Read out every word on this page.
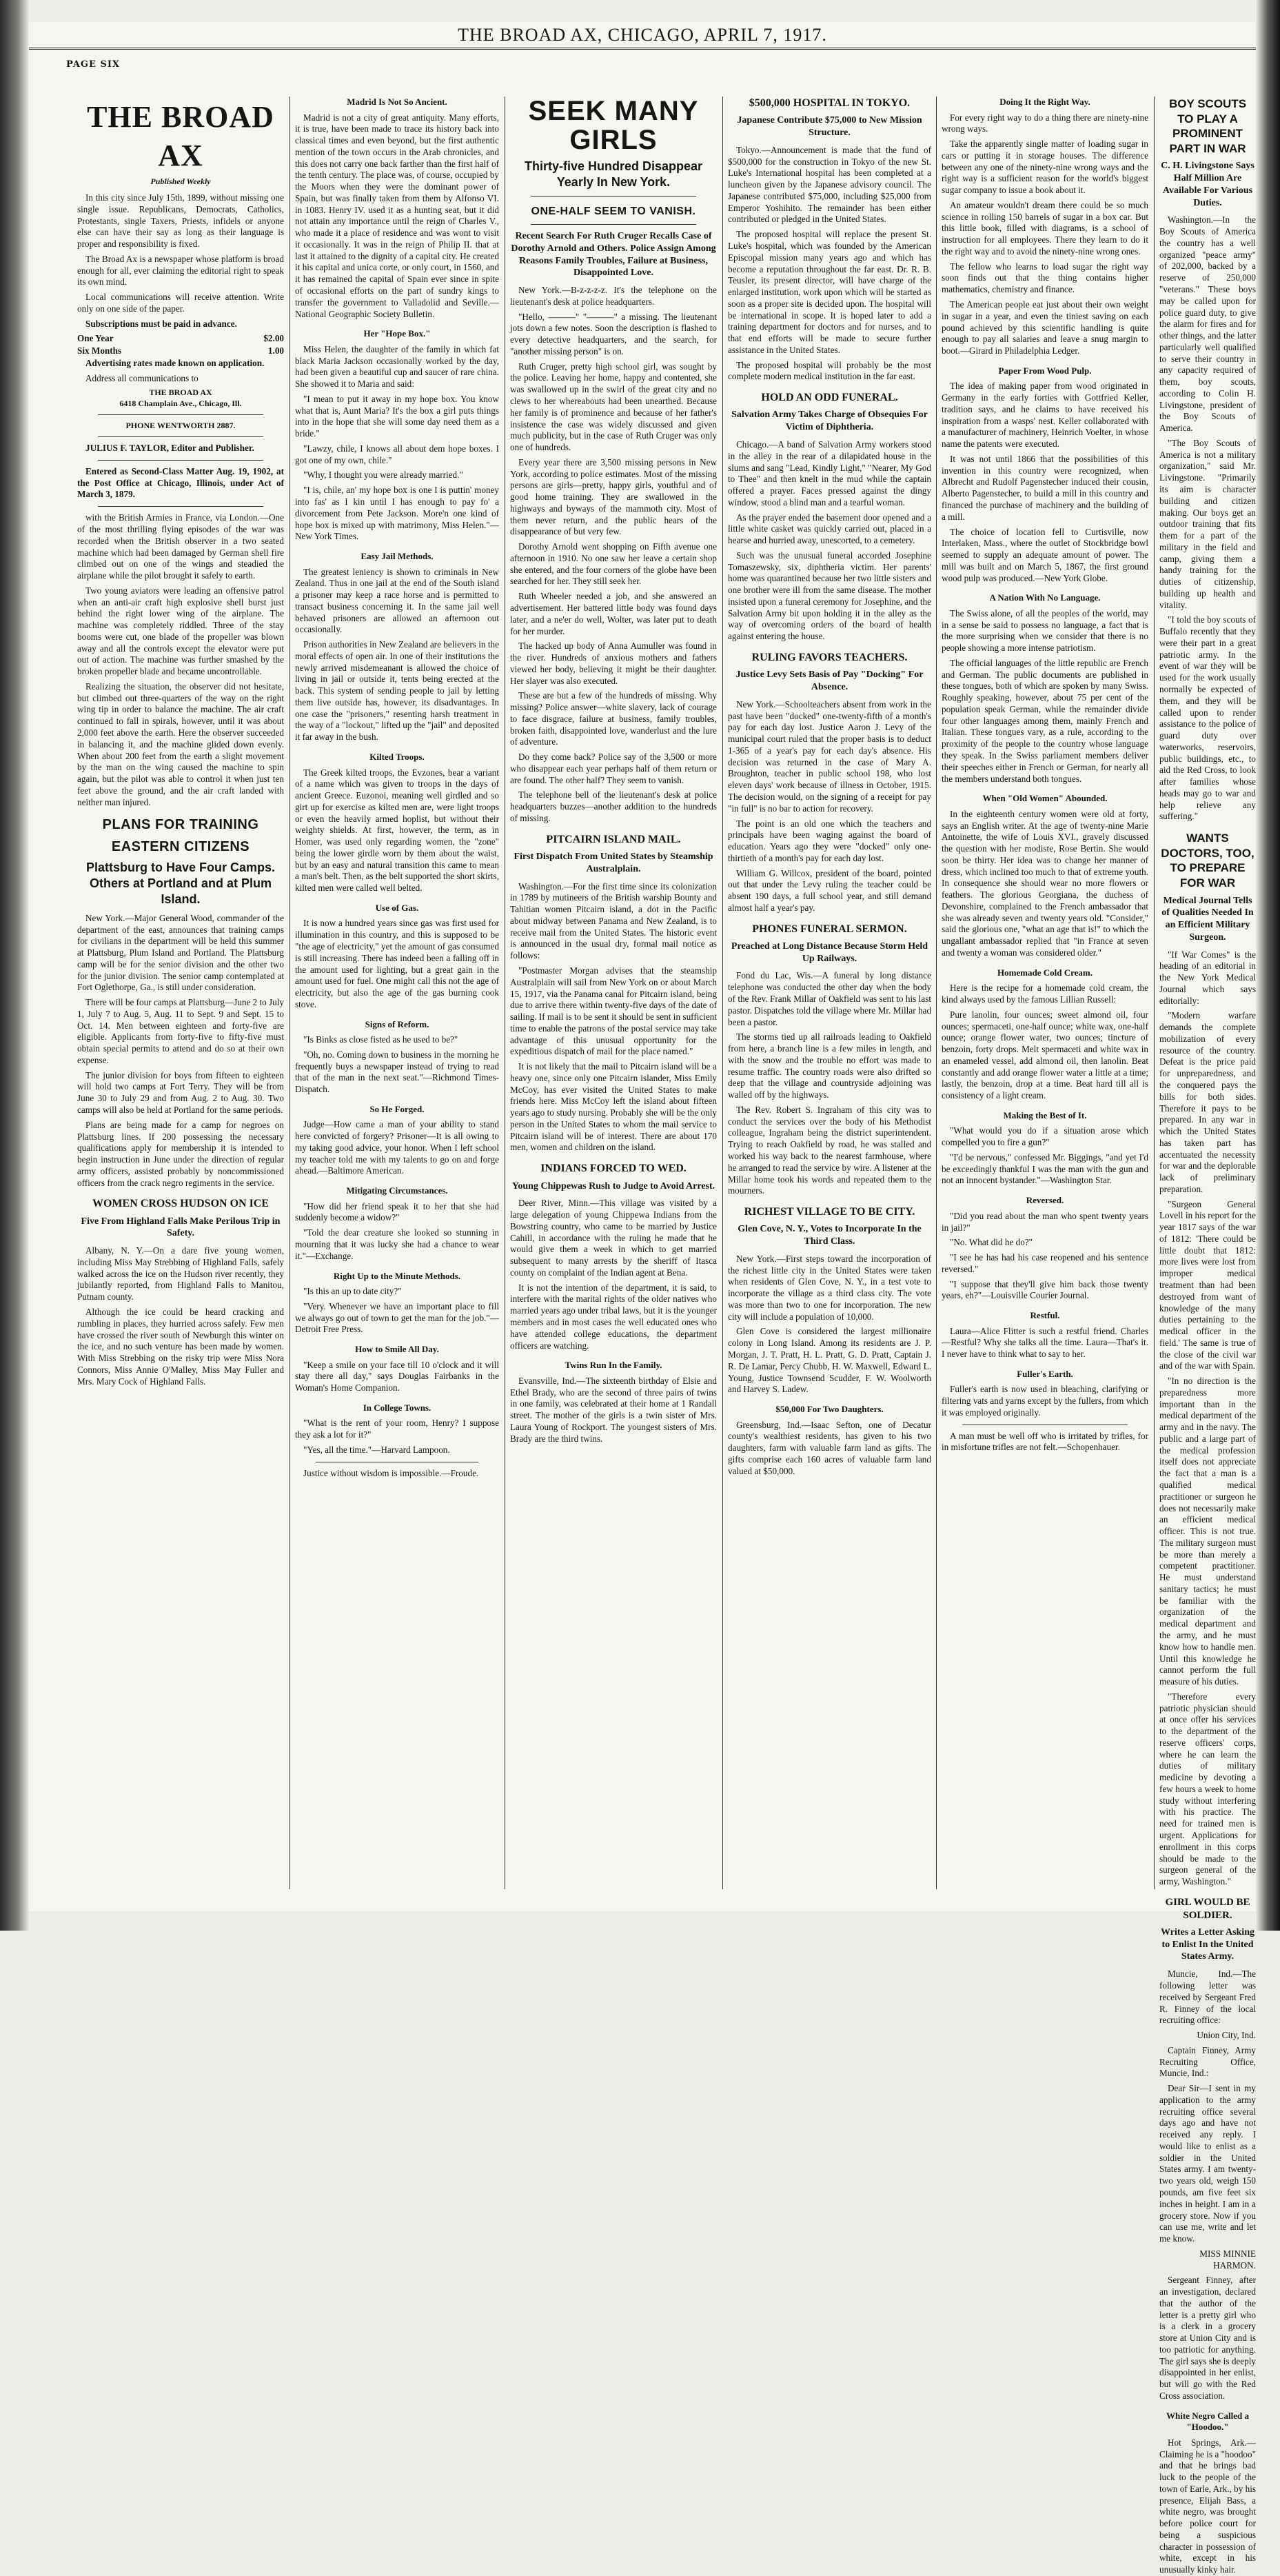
THE BROAD AX, CHICAGO, APRIL 7, 1917.
PAGE SIX
THE BROAD AX
Published Weekly

In this city since July 15th, 1899, without missing one single issue. Republicans, Democrats, Catholics, Protestants, single Taxers, Priests, infidels or anyone else can have their say as long as their language is proper and responsibility is fixed.

The Broad Ax is a newspaper whose platform is broad enough for all, ever claiming the editorial right to speak its own mind.

Local communications will receive attention. Write only on one side of the paper.

Subscriptions must be paid in advance.

One Year	$2.00
Six Months	1.00

Advertising rates made known on application.

Address all communications to

THE BROAD AX
6418 Champlain Ave., Chicago, Ill.
PHONE WENTWORTH 2887.

JULIUS F. TAYLOR, Editor and Publisher.

Entered as Second-Class Matter Aug. 19, 1902, at the Post Office at Chicago, Illinois, under Act of March 3, 1879.

with the British Armies in France, via London.—One of the most thrilling flying episodes of the war was recorded when the British observer in a two seated machine which had been damaged by German shell fire climbed out on one of the wings and steadied the airplane while the pilot brought it safely to earth.

Two young aviators were leading an offensive patrol when an anti-air craft high explosive shell burst just behind the right lower wing of the airplane. The machine was completely riddled. Three of the stay booms were cut, one blade of the propeller was blown away and all the controls except the elevator were put out of action. The machine was further smashed by the broken propeller blade and became uncontrollable.

Realizing the situation, the observer did not hesitate, but climbed out three-quarters of the way on the right wing tip in order to balance the machine. The air craft continued to fall in spirals, however, until it was about 2,000 feet above the earth. Here the observer succeeded in balancing it, and the machine glided down evenly. When about 200 feet from the earth a slight movement by the man on the wing caused the machine to spin again, but the pilot was able to control it when just ten feet above the ground, and the air craft landed with neither man injured.

PLANS FOR TRAINING
EASTERN CITIZENS
Plattsburg to Have Four Camps. Others at Portland and at Plum Island.

New York.—Major General Wood, commander of the department of the east, announces that training camps for civilians in the department will be held this summer at Plattsburg, Plum Island and Portland. The Plattsburg camp will be for the senior division and the other two for the junior division. The senior camp contemplated at Fort Oglethorpe, Ga., is still under consideration.

There will be four camps at Plattsburg—June 2 to July 1, July 7 to Aug. 5, Aug. 11 to Sept. 9 and Sept. 15 to Oct. 14. Men between eighteen and forty-five are eligible. Applicants from forty-five to fifty-five must obtain special permits to attend and do so at their own expense.

The junior division for boys from fifteen to eighteen will hold two camps at Fort Terry. They will be from June 30 to July 29 and from Aug. 2 to Aug. 30. Two camps will also be held at Portland for the same periods.

Plans are being made for a camp for negroes on Plattsburg lines. If 200 possessing the necessary qualifications apply for membership it is intended to begin instruction in June under the direction of regular army officers, assisted probably by noncommissioned officers from the crack negro regiments in the service.

WOMEN CROSS HUDSON ON ICE
Five From Highland Falls Make Perilous Trip in Safety.

Albany, N. Y.—On a dare five young women, including Miss May Strebbing of Highland Falls, safely walked across the ice on the Hudson river recently, they jubilantly reported, from Highland Falls to Manitou, Putnam county.

Although the ice could be heard cracking and rumbling in places, they hurried across safely. Few men have crossed the river south of Newburgh this winter on the ice, and no such venture has been made by women. With Miss Strebbing on the risky trip were Miss Nora Connors, Miss Annie O'Malley, Miss May Fuller and Mrs. Mary Cock of Highland Falls.

Madrid Is Not So Ancient.

Madrid is not a city of great antiquity. Many efforts, it is true, have been made to trace its history back into classical times and even beyond, but the first authentic mention of the town occurs in the Arab chronicles, and this does not carry one back farther than the first half of the tenth century. The place was, of course, occupied by the Moors when they were the dominant power of Spain, but was finally taken from them by Alfonso VI. in 1083. Henry IV. used it as a hunting seat, but it did not attain any importance until the reign of Charles V., who made it a place of residence and was wont to visit it occasionally. It was in the reign of Philip II. that at last it attained to the dignity of a capital city. He created it his capital and unica corte, or only court, in 1560, and it has remained the capital of Spain ever since in spite of occasional efforts on the part of sundry kings to transfer the government to Valladolid and Seville.—National Geographic Society Bulletin.

Her "Hope Box."

Miss Helen, the daughter of the family in which fat black Maria Jackson occasionally worked by the day, had been given a beautiful cup and saucer of rare china. She showed it to Maria and said:

"I mean to put it away in my hope box. You know what that is, Aunt Maria? It's the box a girl puts things into in the hope that she will some day need them as a bride."

"Lawzy, chile, I knows all about dem hope boxes. I got one of my own, chile."

"Why, I thought you were already married."

"I is, chile, an' my hope box is one I is puttin' money into fas' as I kin until I has enough to pay fo' a divorcement from Pete Jackson. More'n one kind of hope box is mixed up with matrimony, Miss Helen."—New York Times.

Easy Jail Methods.

The greatest leniency is shown to criminals in New Zealand. Thus in one jail at the end of the South island a prisoner may keep a race horse and is permitted to transact business concerning it. In the same jail well behaved prisoners are allowed an afternoon out occasionally.

Prison authorities in New Zealand are believers in the moral effects of open air. In one of their institutions the newly arrived misdemeanant is allowed the choice of living in jail or outside it, tents being erected at the back. This system of sending people to jail by letting them live outside has, however, its disadvantages. In one case the "prisoners," resenting harsh treatment in the way of a "lockout," lifted up the "jail" and deposited it far away in the bush.

Kilted Troops.

The Greek kilted troops, the Evzones, bear a variant of a name which was given to troops in the days of ancient Greece. Euzonoi, meaning well girdled and so girt up for exercise as kilted men are, were light troops or even the heavily armed hoplist, but without their weighty shields. At first, however, the term, as in Homer, was used only regarding women, the "zone" being the lower girdle worn by them about the waist, but by an easy and natural transition this came to mean a man's belt. Then, as the belt supported the short skirts, kilted men were called well belted.

Use of Gas.

It is now a hundred years since gas was first used for illumination in this country, and this is supposed to be "the age of electricity," yet the amount of gas consumed is still increasing. There has indeed been a falling off in the amount used for lighting, but a great gain in the amount used for fuel. One might call this not the age of electricity, but also the age of the gas burning cook stove.

Signs of Reform.

"Is Binks as close fisted as he used to be?"

"Oh, no. Coming down to business in the morning he frequently buys a newspaper instead of trying to read that of the man in the next seat."—Richmond Times-Dispatch.

So He Forged.

Judge—How came a man of your ability to stand here convicted of forgery? Prisoner—It is all owing to my taking good advice, your honor. When I left school my teacher told me with my talents to go on and forge ahead.—Baltimore American.

Mitigating Circumstances.

"How did her friend speak it to her that she had suddenly become a widow?"

"Told the dear creature she looked so stunning in mourning that it was lucky she had a chance to wear it."—Exchange.

Right Up to the Minute Methods.

"Is this an up to date city?"

"Very. Whenever we have an important place to fill we always go out of town to get the man for the job."—Detroit Free Press.

How to Smile All Day.

"Keep a smile on your face till 10 o'clock and it will stay there all day," says Douglas Fairbanks in the Woman's Home Companion.

In College Towns.

"What is the rent of your room, Henry? I suppose they ask a lot for it?"

"Yes, all the time."—Harvard Lampoon.

Justice without wisdom is impossible.—Froude.

SEEK MANY GIRLS
Thirty-five Hundred Disappear Yearly In New York.
ONE-HALF SEEM TO VANISH.
Recent Search For Ruth Cruger Recalls Case of Dorothy Arnold and Others. Police Assign Among Reasons Family Troubles, Failure at Business, Disappointed Love.

New York.—B-z-z-z-z. It's the telephone on the lieutenant's desk at police headquarters.

"Hello, ———" "———" a missing. The lieutenant jots down a few notes. Soon the description is flashed to every detective headquarters, and the search, for "another missing person" is on.

Ruth Cruger, pretty high school girl, was sought by the police. Leaving her home, happy and contented, she was swallowed up in the swirl of the great city and no clews to her whereabouts had been unearthed. Because her family is of prominence and because of her father's insistence the case was widely discussed and given much publicity, but in the case of Ruth Cruger was only one of hundreds.

Every year there are 3,500 missing persons in New York, according to police estimates. Most of the missing persons are girls—pretty, happy girls, youthful and of good home training. They are swallowed in the highways and byways of the mammoth city. Most of them never return, and the public hears of the disappearance of but very few.

Dorothy Arnold went shopping on Fifth avenue one afternoon in 1910. No one saw her leave a certain shop she entered, and the four corners of the globe have been searched for her. They still seek her.

Ruth Wheeler needed a job, and she answered an advertisement. Her battered little body was found days later, and a ne'er do well, Wolter, was later put to death for her murder.

The hacked up body of Anna Aumuller was found in the river. Hundreds of anxious mothers and fathers viewed her body, believing it might be their daughter. Her slayer was also executed.

These are but a few of the hundreds of missing. Why missing? Police answer—white slavery, lack of courage to face disgrace, failure at business, family troubles, broken faith, disappointed love, wanderlust and the lure of adventure.

Do they come back? Police say of the 3,500 or more who disappear each year perhaps half of them return or are found. The other half? They seem to vanish.

The telephone bell of the lieutenant's desk at police headquarters buzzes—another addition to the hundreds of missing.

PITCAIRN ISLAND MAIL.
First Dispatch From United States by Steamship Australplain.

Washington.—For the first time since its colonization in 1789 by mutineers of the British warship Bounty and Tahitian women Pitcairn island, a dot in the Pacific about midway between Panama and New Zealand, is to receive mail from the United States. The historic event is announced in the usual dry, formal mail notice as follows:

"Postmaster Morgan advises that the steamship Australplain will sail from New York on or about March 15, 1917, via the Panama canal for Pitcairn island, being due to arrive there within twenty-five days of the date of sailing. If mail is to be sent it should be sent in sufficient time to enable the patrons of the postal service may take advantage of this unusual opportunity for the expeditious dispatch of mail for the place named."

It is not likely that the mail to Pitcairn island will be a heavy one, since only one Pitcairn islander, Miss Emily McCoy, has ever visited the United States to make friends here. Miss McCoy left the island about fifteen years ago to study nursing. Probably she will be the only person in the United States to whom the mail service to Pitcairn island will be of interest. There are about 170 men, women and children on the island.

INDIANS FORCED TO WED.
Young Chippewas Rush to Judge to Avoid Arrest.

Deer River, Minn.—This village was visited by a large delegation of young Chippewa Indians from the Bowstring country, who came to be married by Justice Cahill, in accordance with the ruling he made that he would give them a week in which to get married subsequent to many arrests by the sheriff of Itasca county on complaint of the Indian agent at Bena.

It is not the intention of the department, it is said, to interfere with the marital rights of the older natives who married years ago under tribal laws, but it is the younger members and in most cases the well educated ones who have attended college educations, the department officers are watching.

Twins Run In the Family.

Evansville, Ind.—The sixteenth birthday of Elsie and Ethel Brady, who are the second of three pairs of twins in one family, was celebrated at their home at 1 Randall street. The mother of the girls is a twin sister of Mrs. Laura Young of Rockport. The youngest sisters of Mrs. Brady are the third twins.

$500,000 HOSPITAL IN TOKYO.
Japanese Contribute $75,000 to New Mission Structure.

Tokyo.—Announcement is made that the fund of $500,000 for the construction in Tokyo of the new St. Luke's International hospital has been completed at a luncheon given by the Japanese advisory council. The Japanese contributed $75,000, including $25,000 from Emperor Yoshihito. The remainder has been either contributed or pledged in the United States.

The proposed hospital will replace the present St. Luke's hospital, which was founded by the American Episcopal mission many years ago and which has become a reputation throughout the far east. Dr. R. B. Teusler, its present director, will have charge of the enlarged institution, work upon which will be started as soon as a proper site is decided upon. The hospital will be international in scope. It is hoped later to add a training department for doctors and for nurses, and to that end efforts will be made to secure further assistance in the United States.

The proposed hospital will probably be the most complete modern medical institution in the far east.

HOLD AN ODD FUNERAL.
Salvation Army Takes Charge of Obsequies For Victim of Diphtheria.

Chicago.—A band of Salvation Army workers stood in the alley in the rear of a dilapidated house in the slums and sang "Lead, Kindly Light," "Nearer, My God to Thee" and then knelt in the mud while the captain offered a prayer. Faces pressed against the dingy window, stood a blind man and a tearful woman.

As the prayer ended the basement door opened and a little white casket was quickly carried out, placed in a hearse and hurried away, unescorted, to a cemetery.

Such was the unusual funeral accorded Josephine Tomaszewsky, six, diphtheria victim. Her parents' home was quarantined because her two little sisters and one brother were ill from the same disease. The mother insisted upon a funeral ceremony for Josephine, and the Salvation Army bit upon holding it in the alley as the way of overcoming orders of the board of health against entering the house.

RULING FAVORS TEACHERS.
Justice Levy Sets Basis of Pay "Docking" For Absence.

New York.—Schoolteachers absent from work in the past have been "docked" one-twenty-fifth of a month's pay for each day lost. Justice Aaron J. Levy of the municipal court ruled that the proper basis is to deduct 1-365 of a year's pay for each day's absence. His decision was returned in the case of Mary A. Broughton, teacher in public school 198, who lost eleven days' work because of illness in October, 1915. The decision would, on the signing of a receipt for pay "in full" is no bar to action for recovery.

The point is an old one which the teachers and principals have been waging against the board of education. Years ago they were "docked" only one-thirtieth of a month's pay for each day lost.

William G. Willcox, president of the board, pointed out that under the Levy ruling the teacher could be absent 190 days, a full school year, and still demand almost half a year's pay.

PHONES FUNERAL SERMON.
Preached at Long Distance Because Storm Held Up Railways.

Fond du Lac, Wis.—A funeral by long distance telephone was conducted the other day when the body of the Rev. Frank Millar of Oakfield was sent to his last pastor. Dispatches told the village where Mr. Millar had been a pastor.

The storms tied up all railroads leading to Oakfield from here, a branch line is a few miles in length, and with the snow and the trouble no effort was made to resume traffic. The country roads were also drifted so deep that the village and countryside adjoining was walled off by the highways.

The Rev. Robert S. Ingraham of this city was to conduct the services over the body of his Methodist colleague, Ingraham being the district superintendent. Trying to reach Oakfield by road, he was stalled and worked his way back to the nearest farmhouse, where he arranged to read the service by wire. A listener at the Millar home took his words and repeated them to the mourners.

RICHEST VILLAGE TO BE CITY.
Glen Cove, N. Y., Votes to Incorporate In the Third Class.

New York.—First steps toward the incorporation of the richest little city in the United States were taken when residents of Glen Cove, N. Y., in a test vote to incorporate the village as a third class city. The vote was more than two to one for incorporation. The new city will include a population of 10,000.

Glen Cove is considered the largest millionaire colony in Long Island. Among its residents are J. P. Morgan, J. T. Pratt, H. L. Pratt, G. D. Pratt, Captain J. R. De Lamar, Percy Chubb, H. W. Maxwell, Edward L. Young, Justice Townsend Scudder, F. W. Woolworth and Harvey S. Ladew.

$50,000 For Two Daughters.

Greensburg, Ind.—Isaac Sefton, one of Decatur county's wealthiest residents, has given to his two daughters, farm with valuable farm land as gifts. The gifts comprise each 160 acres of valuable farm land valued at $50,000.

Doing It the Right Way.

For every right way to do a thing there are ninety-nine wrong ways.

Take the apparently single matter of loading sugar in cars or putting it in storage houses. The difference between any one of the ninety-nine wrong ways and the right way is a sufficient reason for the world's biggest sugar company to issue a book about it.

An amateur wouldn't dream there could be so much science in rolling 150 barrels of sugar in a box car. But this little book, filled with diagrams, is a school of instruction for all employees. There they learn to do it the right way and to avoid the ninety-nine wrong ones.

The fellow who learns to load sugar the right way soon finds out that the thing contains higher mathematics, chemistry and finance.

The American people eat just about their own weight in sugar in a year, and even the tiniest saving on each pound achieved by this scientific handling is quite enough to pay all salaries and leave a snug margin to boot.—Girard in Philadelphia Ledger.

Paper From Wood Pulp.

The idea of making paper from wood originated in Germany in the early forties with Gottfried Keller, tradition says, and he claims to have received his inspiration from a wasps' nest. Keller collaborated with a manufacturer of machinery, Heinrich Voelter, in whose name the patents were executed.

It was not until 1866 that the possibilities of this invention in this country were recognized, when Albrecht and Rudolf Pagenstecher induced their cousin, Alberto Pagenstecher, to build a mill in this country and financed the purchase of machinery and the building of a mill.

The choice of location fell to Curtisville, now Interlaken, Mass., where the outlet of Stockbridge bowl seemed to supply an adequate amount of power. The mill was built and on March 5, 1867, the first ground wood pulp was produced.—New York Globe.

A Nation With No Language.

The Swiss alone, of all the peoples of the world, may in a sense be said to possess no language, a fact that is the more surprising when we consider that there is no people showing a more intense patriotism.

The official languages of the little republic are French and German. The public documents are published in these tongues, both of which are spoken by many Swiss. Roughly speaking, however, about 75 per cent of the population speak German, while the remainder divide four other languages among them, mainly French and Italian. These tongues vary, as a rule, according to the proximity of the people to the country whose language they speak. In the Swiss parliament members deliver their speeches either in French or German, for nearly all the members understand both tongues.

When "Old Women" Abounded.

In the eighteenth century women were old at forty, says an English writer. At the age of twenty-nine Marie Antoinette, the wife of Louis XVI., gravely discussed the question with her modiste, Rose Bertin. She would soon be thirty. Her idea was to change her manner of dress, which inclined too much to that of extreme youth. In consequence she should wear no more flowers or feathers. The glorious Georgiana, the duchess of Devonshire, complained to the French ambassador that she was already seven and twenty years old. "Consider," said the glorious one, "what an age that is!" to which the ungallant ambassador replied that "in France at seven and twenty a woman was considered older."

Homemade Cold Cream.

Here is the recipe for a homemade cold cream, the kind always used by the famous Lillian Russell:

Pure lanolin, four ounces; sweet almond oil, four ounces; spermaceti, one-half ounce; white wax, one-half ounce; orange flower water, two ounces; tincture of benzoin, forty drops. Melt spermaceti and white wax in an enameled vessel, add almond oil, then lanolin. Beat constantly and add orange flower water a little at a time; lastly, the benzoin, drop at a time. Beat hard till all is consistency of a light cream.

Making the Best of It.

"What would you do if a situation arose which compelled you to fire a gun?"

"I'd be nervous," confessed Mr. Biggings, "and yet I'd be exceedingly thankful I was the man with the gun and not an innocent bystander."—Washington Star.

Reversed.

"Did you read about the man who spent twenty years in jail?"

"No. What did he do?"

"I see he has had his case reopened and his sentence reversed."

"I suppose that they'll give him back those twenty years, eh?"—Louisville Courier Journal.

Restful.

Laura—Alice Flitter is such a restful friend. Charles—Restful? Why she talks all the time. Laura—That's it. I never have to think what to say to her.

Fuller's Earth.

Fuller's earth is now used in bleaching, clarifying or filtering vats and yarns except by the fullers, from which it was employed originally.

A man must be well off who is irritated by trifles, for in misfortune trifles are not felt.—Schopenhauer.

BOY SCOUTS TO PLAY A PROMINENT PART IN WAR
C. H. Livingstone Says Half Million Are Available For Various Duties.

Washington.—In the Boy Scouts of America the country has a well organized "peace army" of 202,000, backed by a reserve of 250,000 "veterans." These boys may be called upon for police guard duty, to give the alarm for fires and for other things, and the latter particularly well qualified to serve their country in any capacity required of them, boy scouts, according to Colin H. Livingstone, president of the Boy Scouts of America.

"The Boy Scouts of America is not a military organization," said Mr. Livingstone. "Primarily its aim is character building and citizen making. Our boys get an outdoor training that fits them for a part of the military in the field and camp, giving them a handy training for the duties of citizenship, building up health and vitality.

"I told the boy scouts of Buffalo recently that they were their part in a great patriotic army. In the event of war they will be used for the work usually normally be expected of them, and they will be called upon to render assistance to the police of guard duty over waterworks, reservoirs, public buildings, etc., to aid the Red Cross, to look after families whose heads may go to war and help relieve any suffering."

WANTS DOCTORS, TOO, TO PREPARE FOR WAR
Medical Journal Tells of Qualities Needed In an Efficient Military Surgeon.

"If War Comes" is the heading of an editorial in the New York Medical Journal which says editorially:

"Modern warfare demands the complete mobilization of every resource of the country. Defeat is the price paid for unpreparedness, and the conquered pays the bills for both sides. Therefore it pays to be prepared. In any war in which the United States has taken part has accentuated the necessity for war and the deplorable lack of preliminary preparation.

"Surgeon General Lovell in his report for the year 1817 says of the war of 1812: 'There could be little doubt that 1812: more lives were lost from improper medical treatment than had been destroyed from want of knowledge of the many duties pertaining to the medical officer in the field.' The same is true of the close of the civil war and of the war with Spain.

"In no direction is the preparedness more important than in the medical department of the army and in the navy. The public and a large part of the medical profession itself does not appreciate the fact that a man is a qualified medical practitioner or surgeon he does not necessarily make an efficient medical officer. This is not true. The military surgeon must be more than merely a competent practitioner. He must understand sanitary tactics; he must be familiar with the organization of the medical department and the army, and he must know how to handle men. Until this knowledge he cannot perform the full measure of his duties.

"Therefore every patriotic physician should at once offer his services to the department of the reserve officers' corps, where he can learn the duties of military medicine by devoting a few hours a week to home study without interfering with his practice. The need for trained men is urgent. Applications for enrollment in this corps should be made to the surgeon general of the army, Washington."

GIRL WOULD BE SOLDIER.
Writes a Letter Asking to Enlist In the United States Army.

Muncie, Ind.—The following letter was received by Sergeant Fred R. Finney of the local recruiting office:

Union City, Ind.

Captain Finney, Army Recruiting Office, Muncie, Ind.:

Dear Sir—I sent in my application to the army recruiting office several days ago and have not received any reply. I would like to enlist as a soldier in the United States army. I am twenty-two years old, weigh 150 pounds, am five feet six inches in height. I am in a grocery store. Now if you can use me, write and let me know.

MISS MINNIE HARMON.

Sergeant Finney, after an investigation, declared that the author of the letter is a pretty girl who is a clerk in a grocery store at Union City and is too patriotic for anything. The girl says she is deeply disappointed in her enlist, but will go with the Red Cross association.

White Negro Called a "Hoodoo."

Hot Springs, Ark.—Claiming he is a "hoodoo" and that he brings bad luck to the people of the town of Earle, Ark., by his presence, Elijah Bass, a white negro, was brought before police court for being a suspicious character in possession of white, except in his unusually kinky hair.
